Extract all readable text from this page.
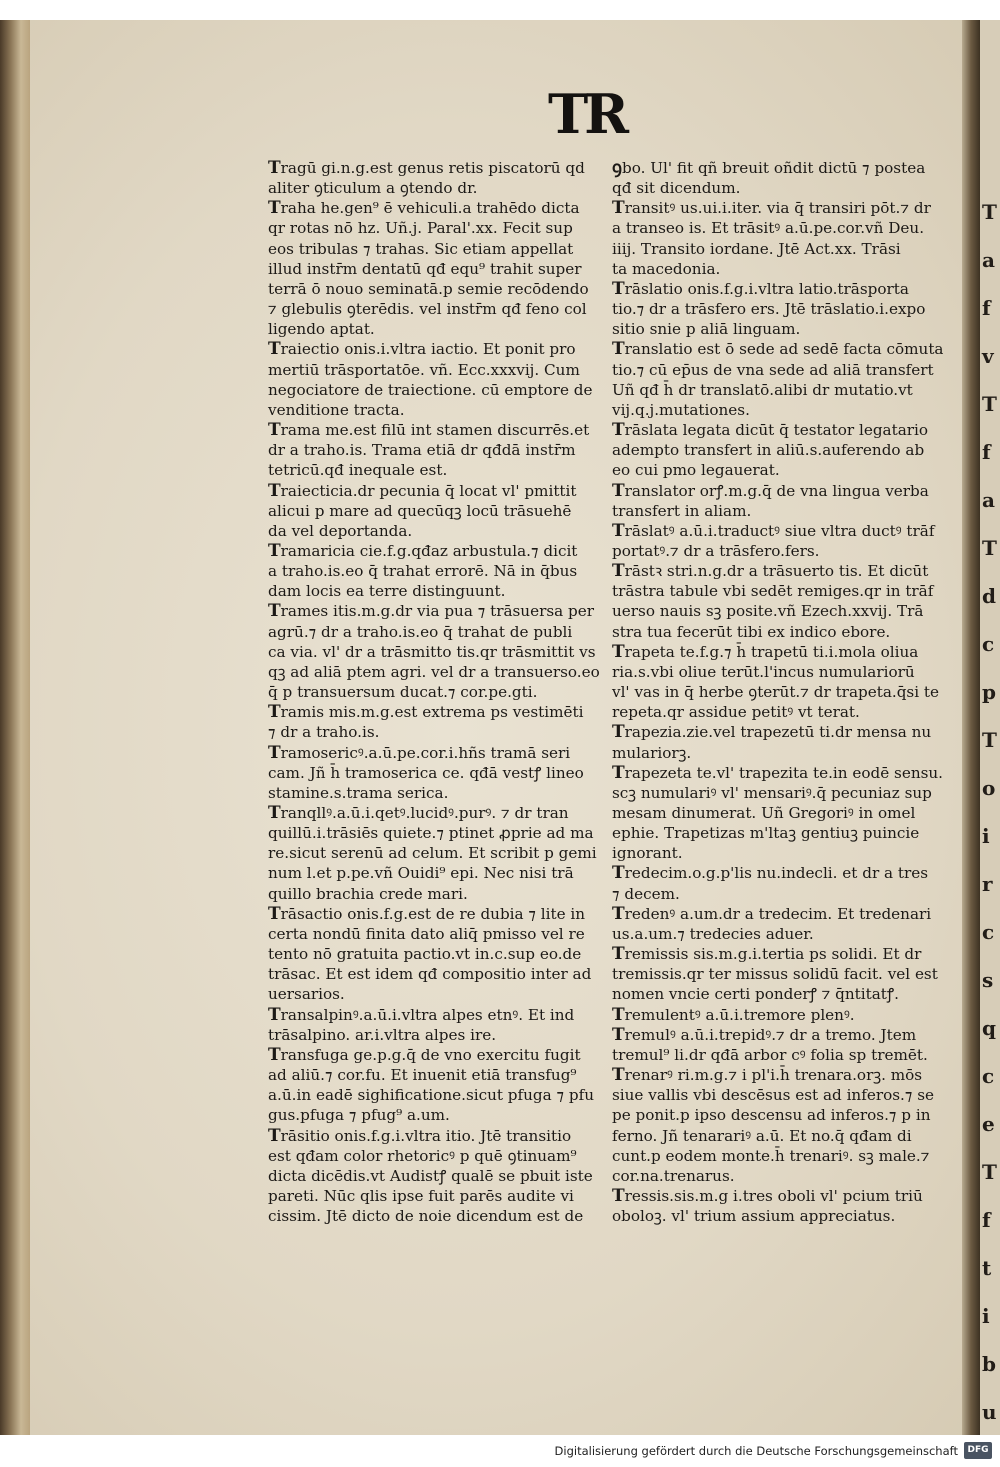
T
a
f
v
T
f
a
T
d
c
p
T
o
i
r
c
s
q
c
e
T
f
t
i
b
u
TR
Tragū gi.n.g.est genus retis piscatorū qd
aliter ꝯticulum a ꝯtendo dr.
Traha he.gen⁹ ē vehiculi.a trahēdo dicta
qr rotas nō hz. Uñ.j. Paral'.xx. Fecit sup
eos tribulas ⁊ trahas. Sic etiam appellat
illud instr̄m dentatū qđ equ⁹ trahit super
terrā ō nouo seminatā.p semie recōdendo
⁊ glebulis ꝯterēdis. vel instr̄m qđ feno col
ligendo aptat.
Traiectio onis.i.vltra iactio. Et ponit pro
mertiū trāsportatōe. vñ. Ecc.xxxvij. Cum
negociatore de traiectione. cū emptore de
venditione tracta.
Trama me.est filū int stamen discurrēs.et
dr a traho.is. Trama etiā dr qđdā instr̄m
tetricū.qđ inequale est.
Traiecticia.dr pecunia q̄ locat vl' pmittit
alicui p mare ad quecūqꝫ locū trāsuehē
da vel deportanda.
Tramaricia cie.f.g.qđaz arbustula.⁊ dicit
a traho.is.eo q̄ trahat errorē. Nā in q̄bus
dam locis ea terre distinguunt.
Trames itis.m.g.dr via pua ⁊ trāsuersa per
agrū.⁊ dr a traho.is.eo q̄ trahat de publi
ca via. vl' dr a trāsmitto tis.qr trāsmittit vs
qꝫ ad aliā ptem agri. vel dr a transuerso.eo
q̄ p transuersum ducat.⁊ cor.pe.gti.
Tramis mis.m.g.est extrema ps vestimēti
⁊ dr a traho.is.
Tramosericꝰ.a.ū.pe.cor.i.hñs tramā seri
cam. Jñ h̄ tramoserica ce. qđā vestꝭ lineo
stamine.s.trama serica.
Tranqllꝰ.a.ū.i.qetꝰ.lucidꝰ.purꝰ. ⁊ dr tran
quillū.i.trāsiēs quiete.⁊ ptinet ꝓprie ad ma
re.sicut serenū ad celum. Et scribit p gemi
num l.et p.pe.vñ Ouidi⁹ epi. Nec nisi trā
quillo brachia crede mari.
Trāsactio onis.f.g.est de re dubia ⁊ lite in
certa nondū finita dato aliq̄ pmisso vel re
tento nō gratuita pactio.vt in.c.sup eo.de
trāsac. Et est idem qđ compositio inter ad
uersarios.
Transalpinꝰ.a.ū.i.vltra alpes etnꝰ. Et ind
trāsalpino. ar.i.vltra alpes ire.
Transfuga ge.p.g.q̄ de vno exercitu fugit
ad aliū.⁊ cor.fu. Et inuenit etiā transfug⁹
a.ū.in eadē sighificatione.sicut pfuga ⁊ pfu
gus.pfuga ⁊ pfug⁹ a.um.
Trāsitio onis.f.g.i.vltra itio. Jtē transitio
est qđam color rhetoricꝰ p quē ꝯtinuam⁹
dicta dicēdis.vt Audistꝭ qualē se pbuit iste
pareti. Nūc qlis ipse fuit parēs audite vi
cissim. Jtē dicto de noie dicendum est de
ꝯbo. Ul' fit qñ breuit oñdit dictū ⁊ postea
qđ sit dicendum.
Transitꝰ us.ui.i.iter. via q̄ transiri pōt.⁊ dr
a transeo is. Et trāsitꝰ a.ū.pe.cor.vñ Deu.
iiij. Transito iordane. Jtē Act.xx. Trāsi
ta macedonia.
Trāslatio onis.f.g.i.vltra latio.trāsporta
tio.⁊ dr a trāsfero ers. Jtē trāslatio.i.expo
sitio snie p aliā linguam.
Translatio est ō sede ad sedē facta cōmuta
tio.⁊ cū ep̄us de vna sede ad aliā transfert
Uñ qđ h̄ dr translatō.alibi dr mutatio.vt
vij.q.j.mutationes.
Trāslata legata dicūt q̄ testator legatario
adempto transfert in aliū.s.auferendo ab
eo cui pmo legauerat.
Translator orꝭ.m.g.q̄ de vna lingua verba
transfert in aliam.
Trāslatꝰ a.ū.i.traductꝰ siue vltra ductꝰ trāf
portatꝰ.⁊ dr a trāsfero.fers.
Trāstꝛ stri.n.g.dr a trāsuerto tis. Et dicūt
trāstra tabule vbi sedēt remiges.qr in trāf
uerso nauis sꝫ posite.vñ Ezech.xxvij. Trā
stra tua fecerūt tibi ex indico ebore.
Trapeta te.f.g.⁊ h̄ trapetū ti.i.mola oliua
ria.s.vbi oliue terūt.l'incus numulariorū
vl' vas in q̄ herbe ꝯterūt.⁊ dr trapeta.q̄si te
repeta.qr assidue petitꝰ vt terat.
Trapezia.zie.vel trapezetū ti.dr mensa nu
mulariorꝫ.
Trapezeta te.vl' trapezita te.in eodē sensu.
scꝫ numulariꝰ vl' mensariꝰ.q̄ pecuniaz sup
mesam dinumerat. Uñ Gregoriꝰ in omel
ephie. Trapetizas m'ltaꝫ gentiuꝫ puincie
ignorant.
Tredecim.o.g.p'lis nu.indecli. et dr a tres
⁊ decem.
Tredenꝰ a.um.dr a tredecim. Et tredenari
us.a.um.⁊ tredecies aduer.
Tremissis sis.m.g.i.tertia ps solidi. Et dr
tremissis.qr ter missus solidū facit. vel est
nomen vncie certi ponderꝭ ⁊ q̄ntitatꝭ.
Tremulentꝰ a.ū.i.tremore plenꝰ.
Tremulꝰ a.ū.i.trepidꝰ.⁊ dr a tremo. Jtem
tremul⁹ li.dr qđā arbor cꝰ folia sp tremēt.
Trenarꝰ ri.m.g.⁊ i pl'i.h̄ trenara.orꝫ. mōs
siue vallis vbi descēsus est ad inferos.⁊ se
pe ponit.p ipso descensu ad inferos.⁊ p in
ferno. Jñ tenarariꝰ a.ū. Et no.q̄ qđam di
cunt.p eodem monte.h̄ trenariꝰ. sꝫ male.⁊
cor.na.trenarus.
Tressis.sis.m.g i.tres oboli vl' pcium triū
oboloꝫ. vl' trium assium appreciatus.
Digitalisierung gefördert durch die Deutsche Forschungsgemeinschaft	DFG
